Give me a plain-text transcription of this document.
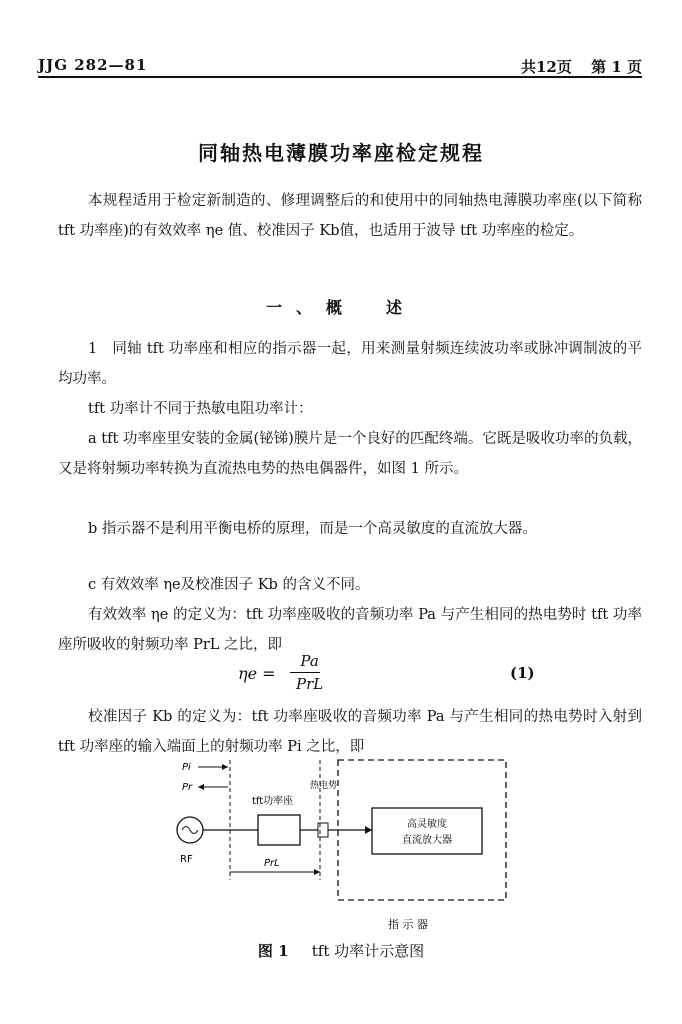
JJG 282—81	共12页 第 1 页
同轴热电薄膜功率座检定规程
本规程适用于检定新制造的、修理调整后的和使用中的同轴热电薄膜功率座(以下简称 tft 功率座)的有效效率 ηe 值、校准因子 Kb值，也适用于波导 tft 功率座的检定。
一、概　述
1　同轴 tft 功率座和相应的指示器一起，用来测量射频连续波功率或脉冲调制波的平均功率。
tft 功率计不同于热敏电阻功率计：
a tft 功率座里安装的金属(铋锑)膜片是一个良好的匹配终端。它既是吸收功率的负载，又是将射频功率转换为直流热电势的热电偶器件，如图 1 所示。
b 指示器不是利用平衡电桥的原理，而是一个高灵敏度的直流放大器。
c 有效效率 ηe及校准因子 Kb 的含义不同。
有效效率 ηe 的定义为：tft 功率座吸收的音频功率 Pa 与产生相同的热电势时 tft 功率座所吸收的射频功率 PrL 之比，即
ηe =
Pa
PrL
(1)
校准因子 Kb 的定义为：tft 功率座吸收的音频功率 Pa 与产生相同的热电势时入射到 tft 功率座的输入端面上的射频功率 Pi 之比，即
Pi
Pr
RF
tft功率座
热电势
PrL
高灵敏度
直流放大器
指 示 器
图 1 tft 功率计示意图
